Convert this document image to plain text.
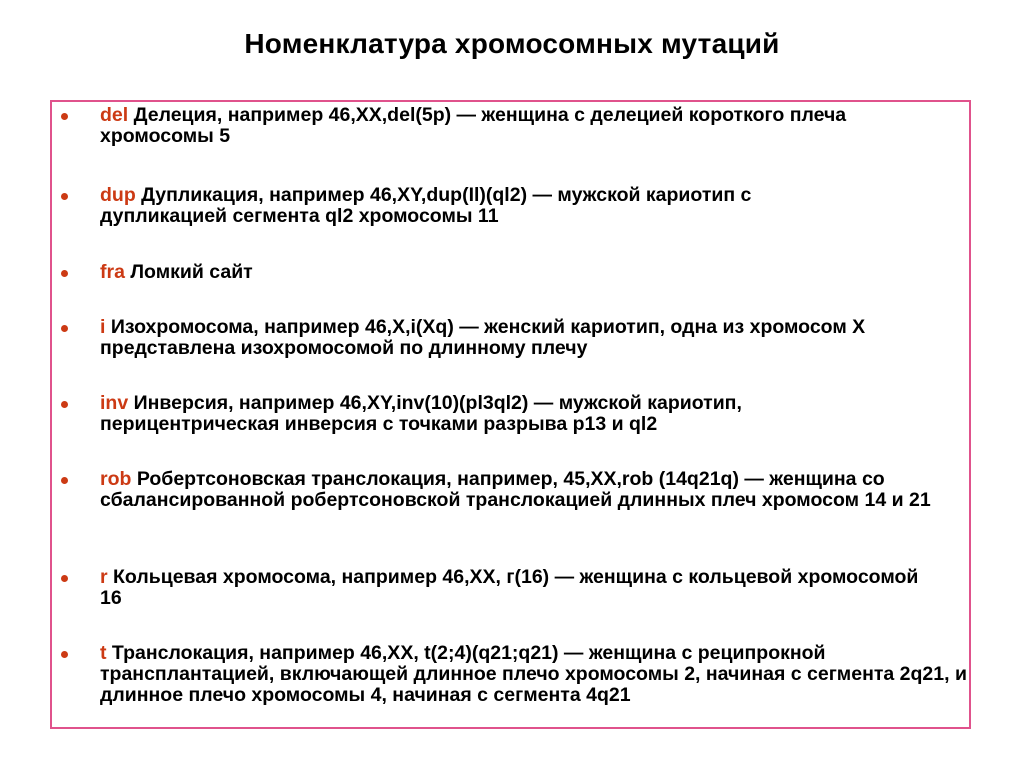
Номенклатура хромосомных мутаций
del Делеция, например 46,XX,del(5p) — женщина с делецией короткого плеча хромосомы 5
dup Дупликация, например 46,XY,dup(Il)(ql2) — мужской кариотип с дупликацией сегмента ql2 хромосомы 11
fra Ломкий сайт
i Изохромосома, например 46,X,i(Xq) — женский кариотип, одна из хромосом X представлена изохромосомой по длинному плечу
inv Инверсия, например 46,XY,inv(10)(pl3ql2) — мужской кариотип, перицентрическая инверсия с точками разрыва p13 и ql2
rob Робертсоновская транслокация, например, 45,XX,rob (14q21q) — женщина со сбалансированной робертсоновской транслокацией длинных плеч хромосом 14 и 21
r Кольцевая хромосома, например 46,XX, г(16) — женщина с кольцевой хромосомой 16
t Транслокация, например 46,XX, t(2;4)(q21;q21) — женщина с реципрокной трансплантацией, включающей длинное плечо хромосомы 2, начиная с сегмента 2q21, и длинное плечо хромосомы 4, начиная с сегмента 4q21
